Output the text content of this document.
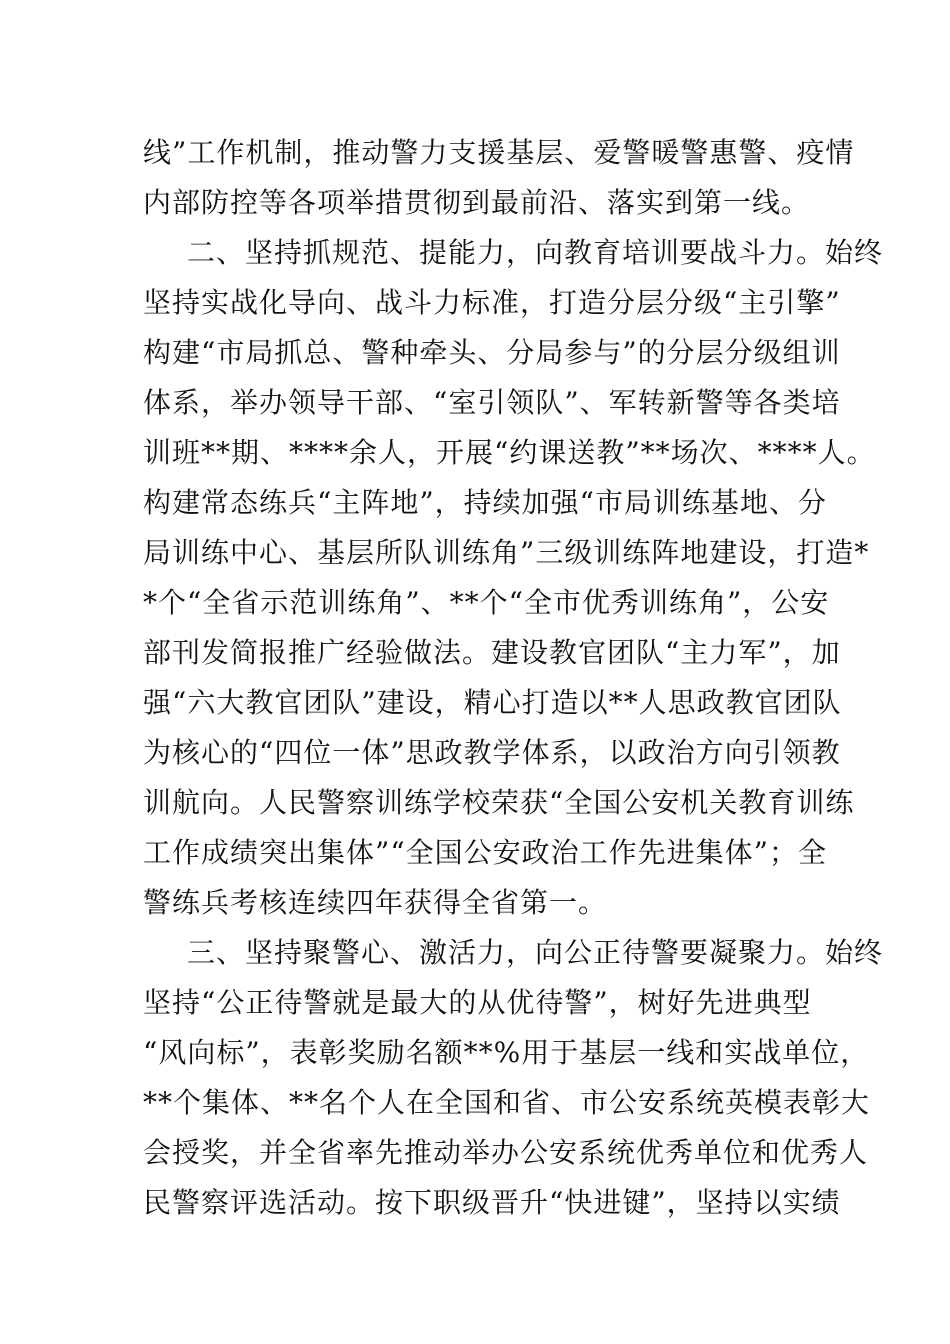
线”工作机制，推动警力支援基层、爱警暖警惠警、疫情
内部防控等各项举措贯彻到最前沿、落实到第一线。
二、坚持抓规范、提能力，向教育培训要战斗力。始终
坚持实战化导向、战斗力标准，打造分层分级“主引擎”
构建“市局抓总、警种牵头、分局参与”的分层分级组训
体系，举办领导干部、“室引领队”、军转新警等各类培
训班**期、****余人，开展“约课送教”**场次、****人。
构建常态练兵“主阵地”，持续加强“市局训练基地、分
局训练中心、基层所队训练角”三级训练阵地建设，打造*
*个“全省示范训练角”、**个“全市优秀训练角”，公安
部刊发简报推广经验做法。建设教官团队“主力军”，加
强“六大教官团队”建设，精心打造以**人思政教官团队
为核心的“四位一体”思政教学体系，以政治方向引领教
训航向。人民警察训练学校荣获“全国公安机关教育训练
工作成绩突出集体”“全国公安政治工作先进集体”；全
警练兵考核连续四年获得全省第一。
三、坚持聚警心、激活力，向公正待警要凝聚力。始终
坚持“公正待警就是最大的从优待警”，树好先进典型
“风向标”，表彰奖励名额**%用于基层一线和实战单位，
**个集体、**名个人在全国和省、市公安系统英模表彰大
会授奖，并全省率先推动举办公安系统优秀单位和优秀人
民警察评选活动。按下职级晋升“快进键”，坚持以实绩
